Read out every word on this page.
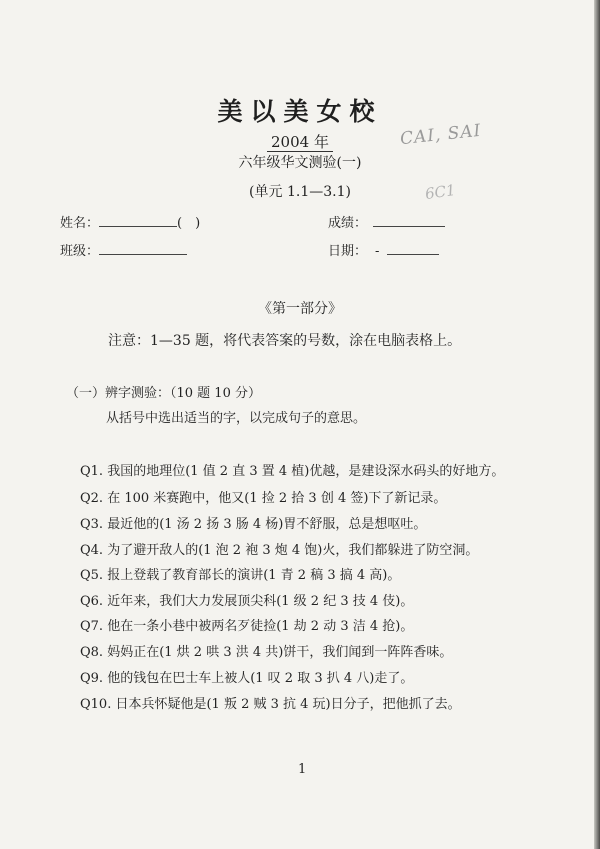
美以美女校
2004 年
六年级华文测验(一)
(单元 1.1—3.1)
CAI, SAI
6C1
姓名：	(　)
班级：
成绩：
日期： -
《第一部分》
注意：1—35 题，将代表答案的号数，涂在电脑表格上。
（一）辨字测验：（10 题 10 分）
从括号中选出适当的字，以完成句子的意思。
Q1. 我国的地理位(1 值 2 直 3 置 4 植)优越，是建设深水码头的好地方。
Q2. 在 100 米赛跑中，他又(1 捡 2 拾 3 创 4 签)下了新记录。
Q3. 最近他的(1 汤 2 扬 3 肠 4 杨)胃不舒服，总是想呕吐。
Q4. 为了避开敌人的(1 泡 2 袍 3 炮 4 饱)火，我们都躲进了防空洞。
Q5. 报上登载了教育部长的演讲(1 青 2 稿 3 搞 4 高)。
Q6. 近年来，我们大力发展顶尖科(1 级 2 纪 3 技 4 伎)。
Q7. 他在一条小巷中被两名歹徒捡(1 劫 2 动 3 洁 4 抢)。
Q8. 妈妈正在(1 烘 2 哄 3 洪 4 共)饼干，我们闻到一阵阵香味。
Q9. 他的钱包在巴士车上被人(1 叹 2 取 3 扒 4 八)走了。
Q10. 日本兵怀疑他是(1 叛 2 贼 3 抗 4 玩)日分子，把他抓了去。
1
